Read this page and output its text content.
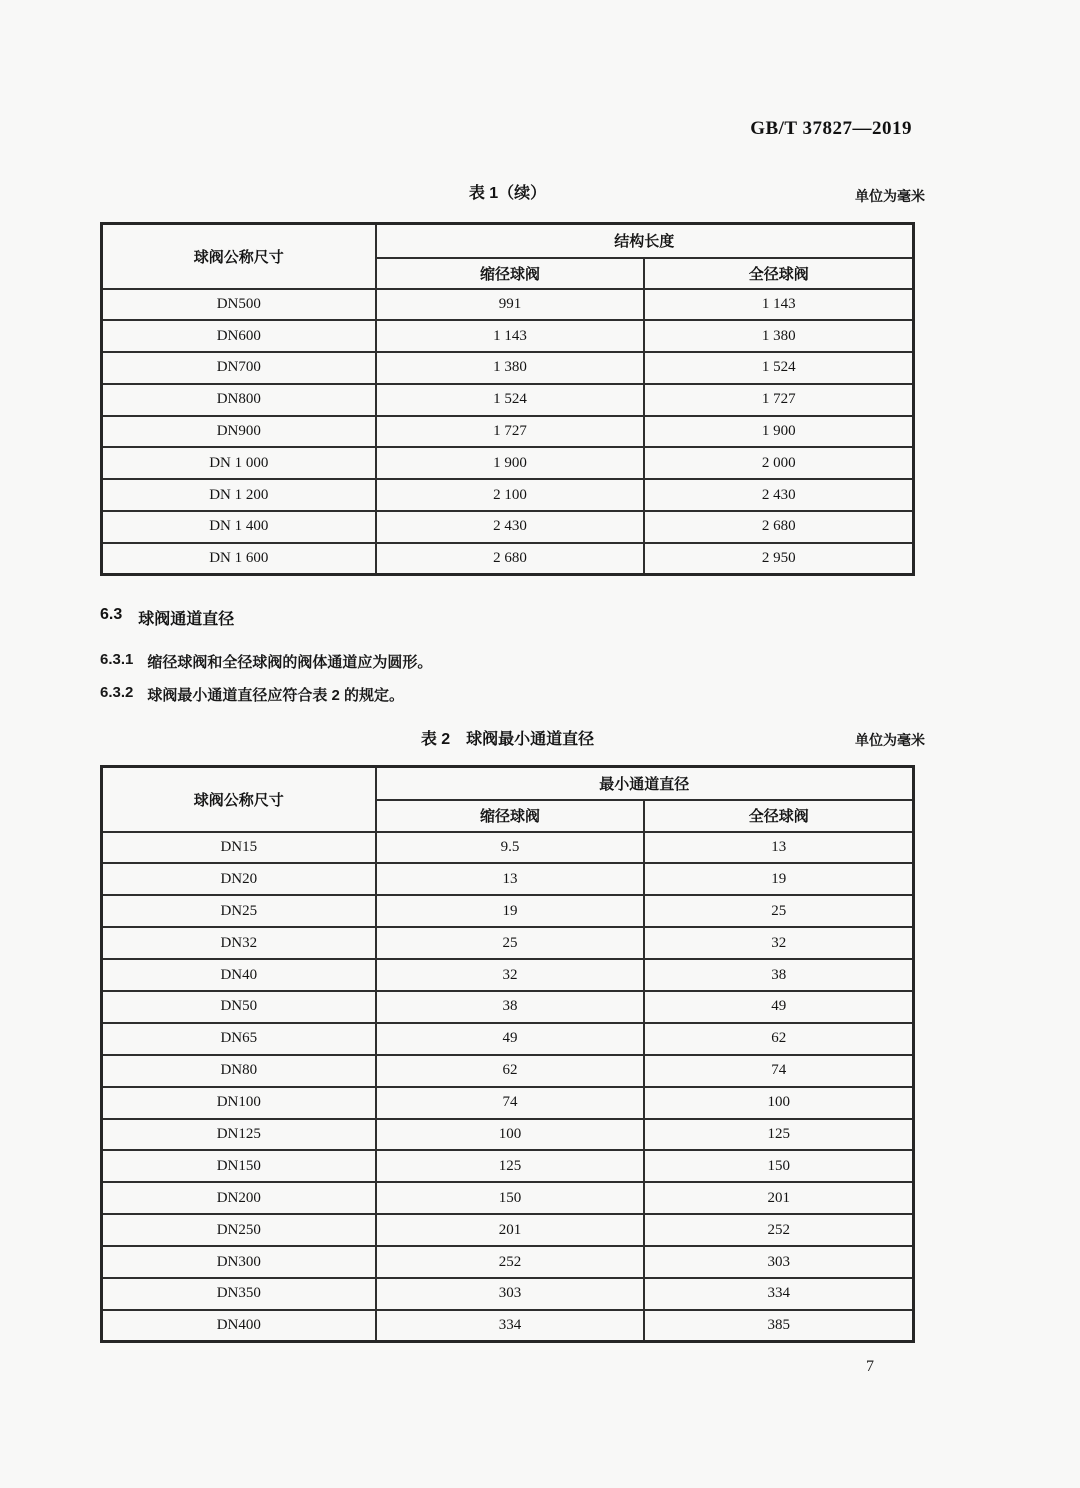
GB/T 37827—2019
表 1（续）	单位为毫米
球阀公称尺寸	结构长度	
	缩径球阀	全径球阀
DN500	991	1 143
DN600	1 143	1 380
DN700	1 380	1 524
DN800	1 524	1 727
DN900	1 727	1 900
DN 1 000	1 900	2 000
DN 1 200	2 100	2 430
DN 1 400	2 430	2 680
DN 1 600	2 680	2 950
6.3 球阀通道直径
6.3.1 缩径球阀和全径球阀的阀体通道应为圆形。
6.3.2 球阀最小通道直径应符合表 2 的规定。
表 2　球阀最小通道直径	单位为毫米
球阀公称尺寸	最小通道直径	
	缩径球阀	全径球阀
DN15	9.5	13
DN20	13	19
DN25	19	25
DN32	25	32
DN40	32	38
DN50	38	49
DN65	49	62
DN80	62	74
DN100	74	100
DN125	100	125
DN150	125	150
DN200	150	201
DN250	201	252
DN300	252	303
DN350	303	334
DN400	334	385
7
